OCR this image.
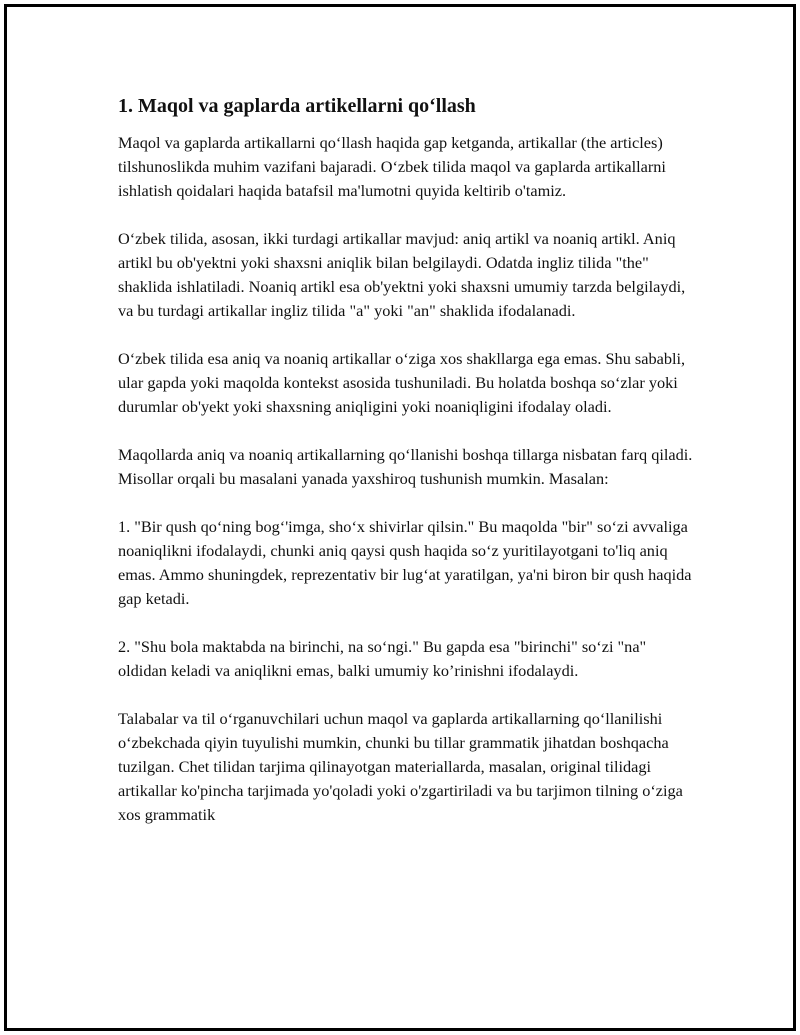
1. Maqol va gaplarda artikellarni qo‘llash

Maqol va gaplarda artikallarni qo‘llash haqida gap ketganda, artikallar (the articles) tilshunoslikda muhim vazifani bajaradi. O‘zbek tilida maqol va gaplarda artikallarni ishlatish qoidalari haqida batafsil ma'lumotni quyida keltirib o'tamiz.

O‘zbek tilida, asosan, ikki turdagi artikallar mavjud: aniq artikl va noaniq artikl. Aniq artikl bu ob'yektni yoki shaxsni aniqlik bilan belgilaydi. Odatda ingliz tilida "the" shaklida ishlatiladi. Noaniq artikl esa ob'yektni yoki shaxsni umumiy tarzda belgilaydi, va bu turdagi artikallar ingliz tilida "a" yoki "an" shaklida ifodalanadi.

O‘zbek tilida esa aniq va noaniq artikallar o‘ziga xos shakllarga ega emas. Shu sababli, ular gapda yoki maqolda kontekst asosida tushuniladi. Bu holatda boshqa so‘zlar yoki durumlar ob'yekt yoki shaxsning aniqligini yoki noaniqligini ifodalay oladi.

Maqollarda aniq va noaniq artikallarning qo‘llanishi boshqa tillarga nisbatan farq qiladi. Misollar orqali bu masalani yanada yaxshiroq tushunish mumkin. Masalan:

1. "Bir qush qo‘ning bog‘'imga, sho‘x shivirlar qilsin." Bu maqolda "bir" so‘zi avvaliga noaniqlikni ifodalaydi, chunki aniq qaysi qush haqida so‘z yuritilayotgani to'liq aniq emas. Ammo shuningdek, reprezentativ bir lug‘at yaratilgan, ya'ni biron bir qush haqida gap ketadi.

2. "Shu bola maktabda na birinchi, na so‘ngi." Bu gapda esa "birinchi" so‘zi "na" oldidan keladi va aniqlikni emas, balki umumiy ko’rinishni ifodalaydi.

Talabalar va til o‘rganuvchilari uchun maqol va gaplarda artikallarning qo‘llanilishi o‘zbekchada qiyin tuyulishi mumkin, chunki bu tillar grammatik jihatdan boshqacha tuzilgan. Chet tilidan tarjima qilinayotgan materiallarda, masalan, original tilidagi artikallar ko'pincha tarjimada yo'qoladi yoki o'zgartiriladi va bu tarjimon tilning o‘ziga xos grammatik
